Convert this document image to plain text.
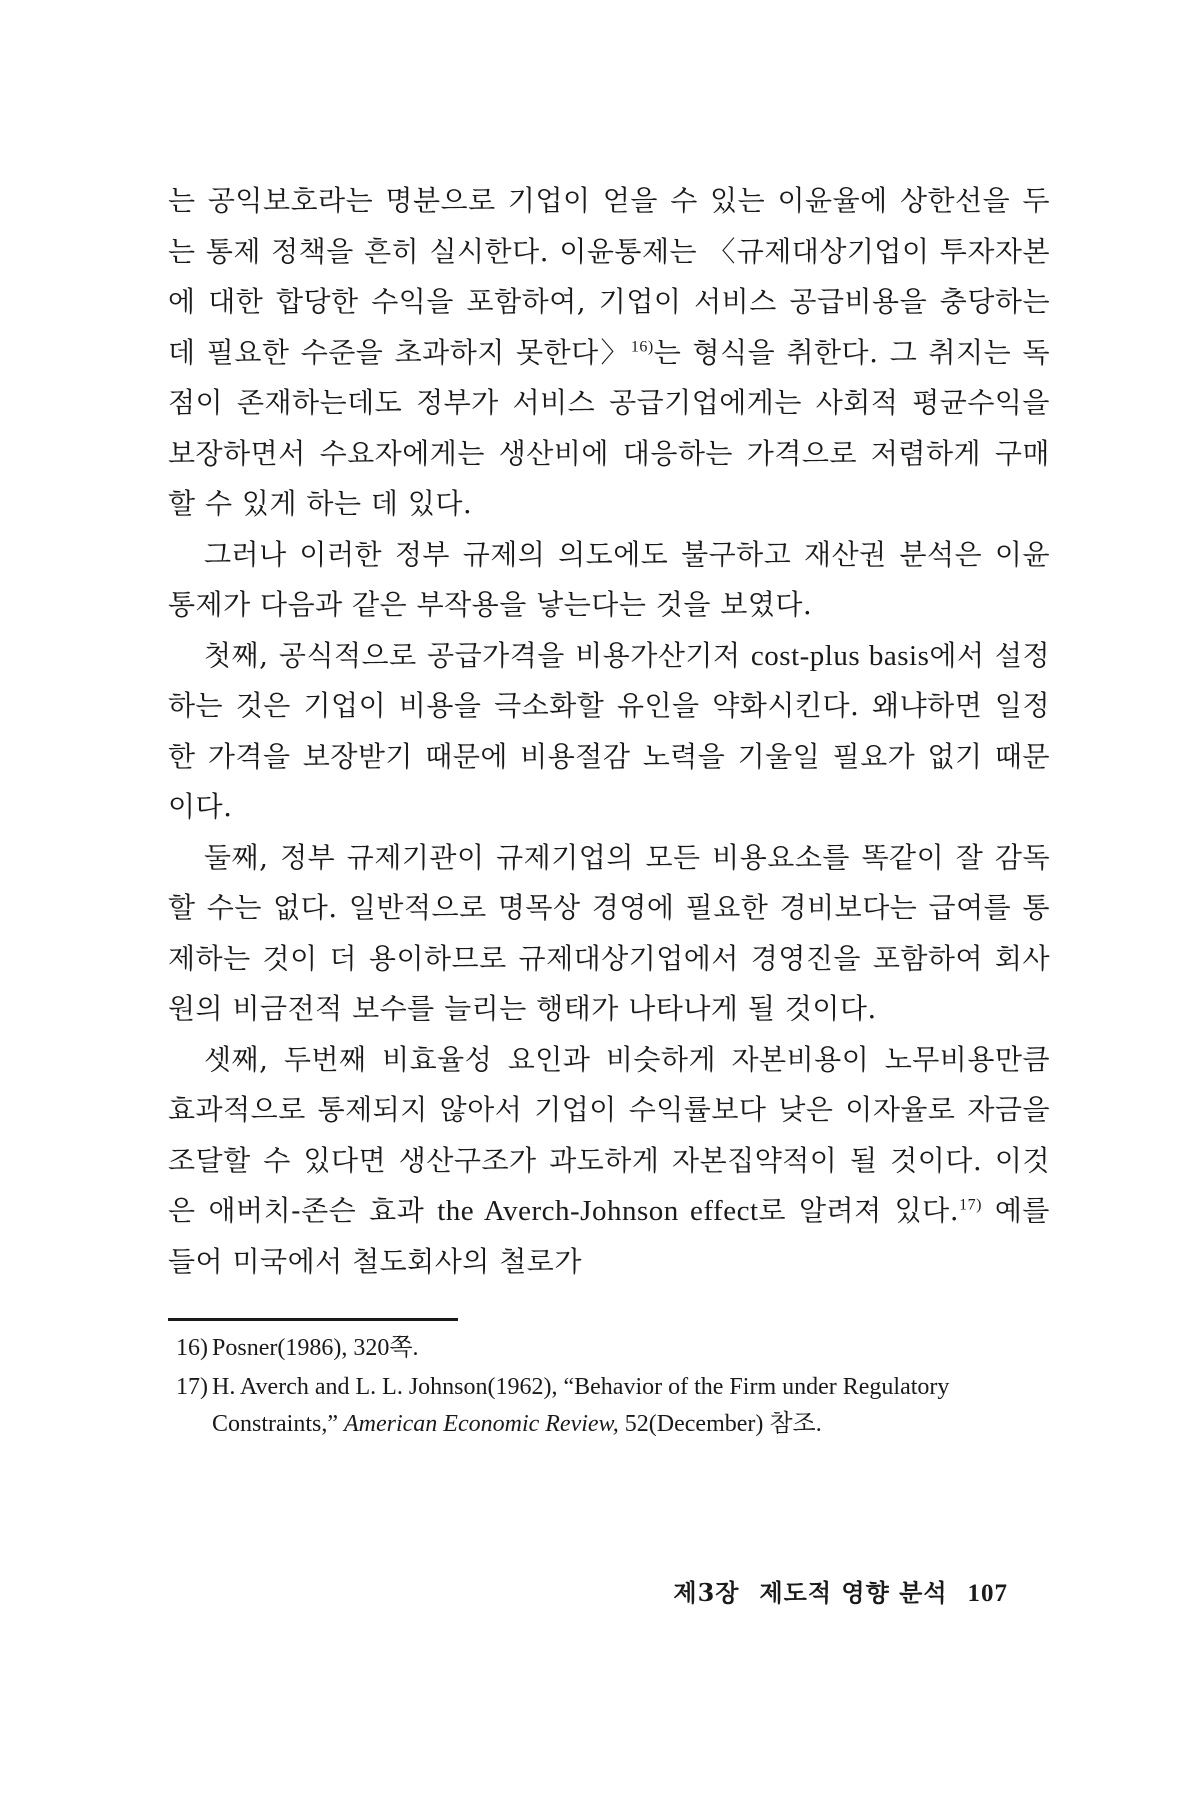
는 공익보호라는 명분으로 기업이 얻을 수 있는 이윤율에 상한선을 두는 통제 정책을 흔히 실시한다. 이윤통제는 〈규제대상기업이 투자자본에 대한 합당한 수익을 포함하여, 기업이 서비스 공급비용을 충당하는 데 필요한 수준을 초과하지 못한다〉$^{16)}$는 형식을 취한다. 그 취지는 독점이 존재하는데도 정부가 서비스 공급기업에게는 사회적 평균수익을 보장하면서 수요자에게는 생산비에 대응하는 가격으로 저렴하게 구매할 수 있게 하는 데 있다.

그러나 이러한 정부 규제의 의도에도 불구하고 재산권 분석은 이윤통제가 다음과 같은 부작용을 낳는다는 것을 보였다.

첫째, 공식적으로 공급가격을 비용가산기저 cost-plus basis에서 설정하는 것은 기업이 비용을 극소화할 유인을 약화시킨다. 왜냐하면 일정한 가격을 보장받기 때문에 비용절감 노력을 기울일 필요가 없기 때문이다.

둘째, 정부 규제기관이 규제기업의 모든 비용요소를 똑같이 잘 감독할 수는 없다. 일반적으로 명목상 경영에 필요한 경비보다는 급여를 통제하는 것이 더 용이하므로 규제대상기업에서 경영진을 포함하여 회사원의 비금전적 보수를 늘리는 행태가 나타나게 될 것이다.

셋째, 두번째 비효율성 요인과 비슷하게 자본비용이 노무비용만큼 효과적으로 통제되지 않아서 기업이 수익률보다 낮은 이자율로 자금을 조달할 수 있다면 생산구조가 과도하게 자본집약적이 될 것이다. 이것은 애버치-존슨 효과 the Averch-Johnson effect로 알려져 있다.$^{17)}$ 예를 들어 미국에서 철도회사의 철로가

16) Posner(1986), 320쪽.
17) H. Averch and L. L. Johnson(1962), “Behavior of the Firm under Regulatory Constraints,” American Economic Review, 52(December) 참조.
제3장 제도적 영향 분석 107
